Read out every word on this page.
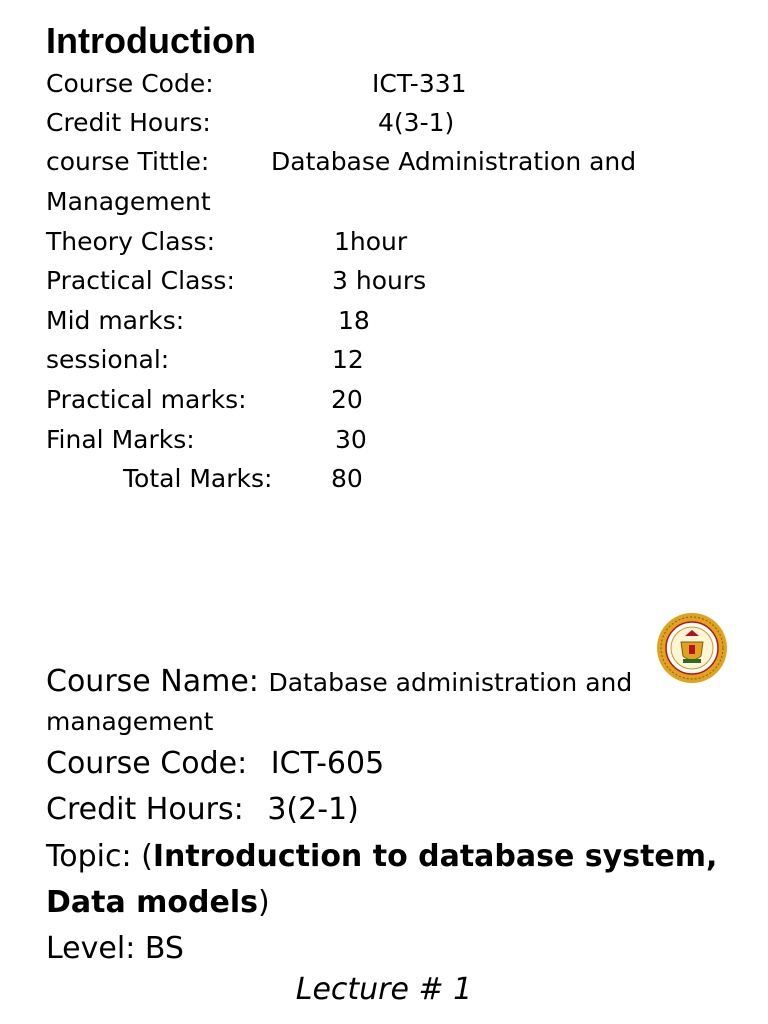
Introduction
Course Code:	ICT-331
Credit Hours:	4(3-1)
course Tittle: Database Administration and
Management
Theory Class:	1hour
Practical Class:	3 hours
Mid marks:	18
sessional:	12
Practical marks:	20
Final Marks:	30
Total Marks: 80
Course Name: Database administration and
management
Course Code: ICT-605
Credit Hours: 3(2-1)
Topic: (Introduction to database system,
Data models)
Level: BS
Lecture # 1
